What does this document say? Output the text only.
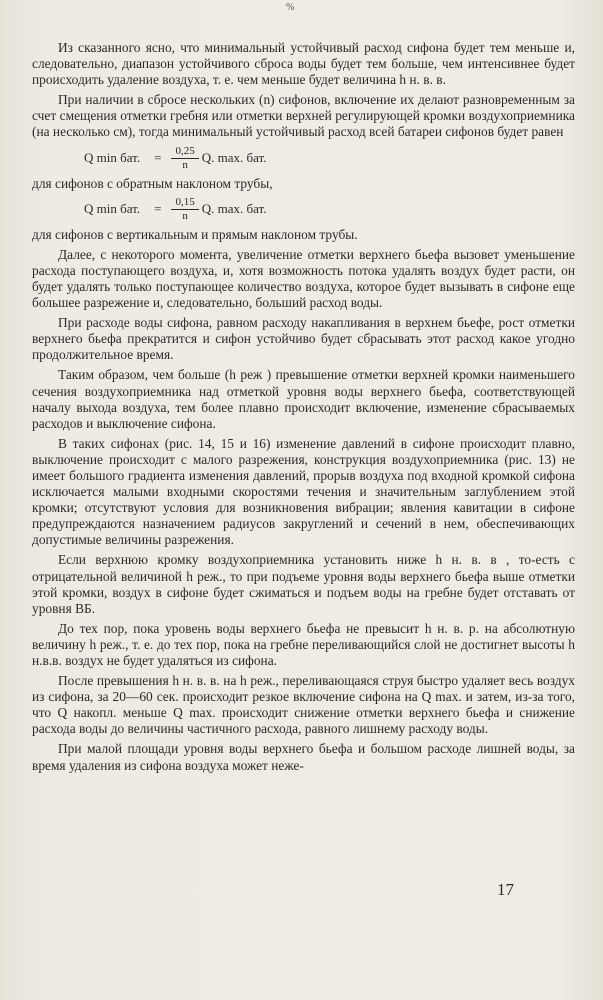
%

Из сказанного ясно, что минимальный устойчивый расход сифона будет тем меньше и, следовательно, диапазон устойчивого сброса воды будет тем больше, чем интенсивнее будет происходить удаление воздуха, т. е. чем меньше будет величина h н. в. в.

При наличии в сбросе нескольких (n) сифонов, включение их делают разновременным за счет смещения отметки гребня или отметки верхней регулирующей кромки воздухоприемника (на несколько см), тогда минимальный устойчивый расход всей батареи сифонов будет равен

Q min бат. = $\frac{0,25}{n} Q$. max. бат.

для сифонов с обратным наклоном трубы,

Q min бат. = $\frac{0,15}{n} Q$. max. бат.

для сифонов с вертикальным и прямым наклоном трубы.

Далее, с некоторого момента, увеличение отметки верхнего бьефа вызовет уменьшение расхода поступающего воздуха, и, хотя возможность потока удалять воздух будет расти, он будет удалять только поступающее количество воздуха, которое будет вызывать в сифоне еще большее разрежение и, следовательно, больший расход воды.

При расходе воды сифона, равном расходу накапливания в верхнем бьефе, рост отметки верхнего бьефа прекратится и сифон устойчиво будет сбрасывать этот расход какое угодно продолжительное время.

Таким образом, чем больше (h реж ) превышение отметки верхней кромки наименьшего сечения воздухоприемника над отметкой уровня воды верхнего бьефа, соответствующей началу выхода воздуха, тем более плавно происходит включение, изменение сбрасываемых расходов и выключение сифона.

В таких сифонах (рис. 14, 15 и 16) изменение давлений в сифоне происходит плавно, выключение происходит с малого разрежения, конструкция воздухоприемника (рис. 13) не имеет большого градиента изменения давлений, прорыв воздуха под входной кромкой сифона исключается малыми входными скоростями течения и значительным заглублением этой кромки; отсутствуют условия для возникновения вибрации; явления кавитации в сифоне предупреждаются назначением радиусов закруглений и сечений в нем, обеспечивающих допустимые величины разрежения.

Если верхнюю кромку воздухоприемника установить ниже h н. в. в , то-есть с отрицательной величиной h реж., то при подъеме уровня воды верхнего бьефа выше отметки этой кромки, воздух в сифоне будет сжиматься и подъем воды на гребне будет отставать от уровня ВБ.

До тех пор, пока уровень воды верхнего бьефа не превысит h н. в. р. на абсолютную величину h реж., т. е. до тех пор, пока на гребне переливающийся слой не достигнет высоты h н.в.в. воздух не будет удаляться из сифона.

После превышения h н. в. в. на h реж., переливающаяся струя быстро удаляет весь воздух из сифона, за 20—60 сек. происходит резкое включение сифона на Q max. и затем, из-за того, что Q накопл. меньше Q max. происходит снижение отметки верхнего бьефа и снижение расхода воды до величины частичного расхода, равного лишнему расходу воды.

При малой площади уровня воды верхнего бьефа и большом расходе лишней воды, за время удаления из сифона воздуха может неже-

17
